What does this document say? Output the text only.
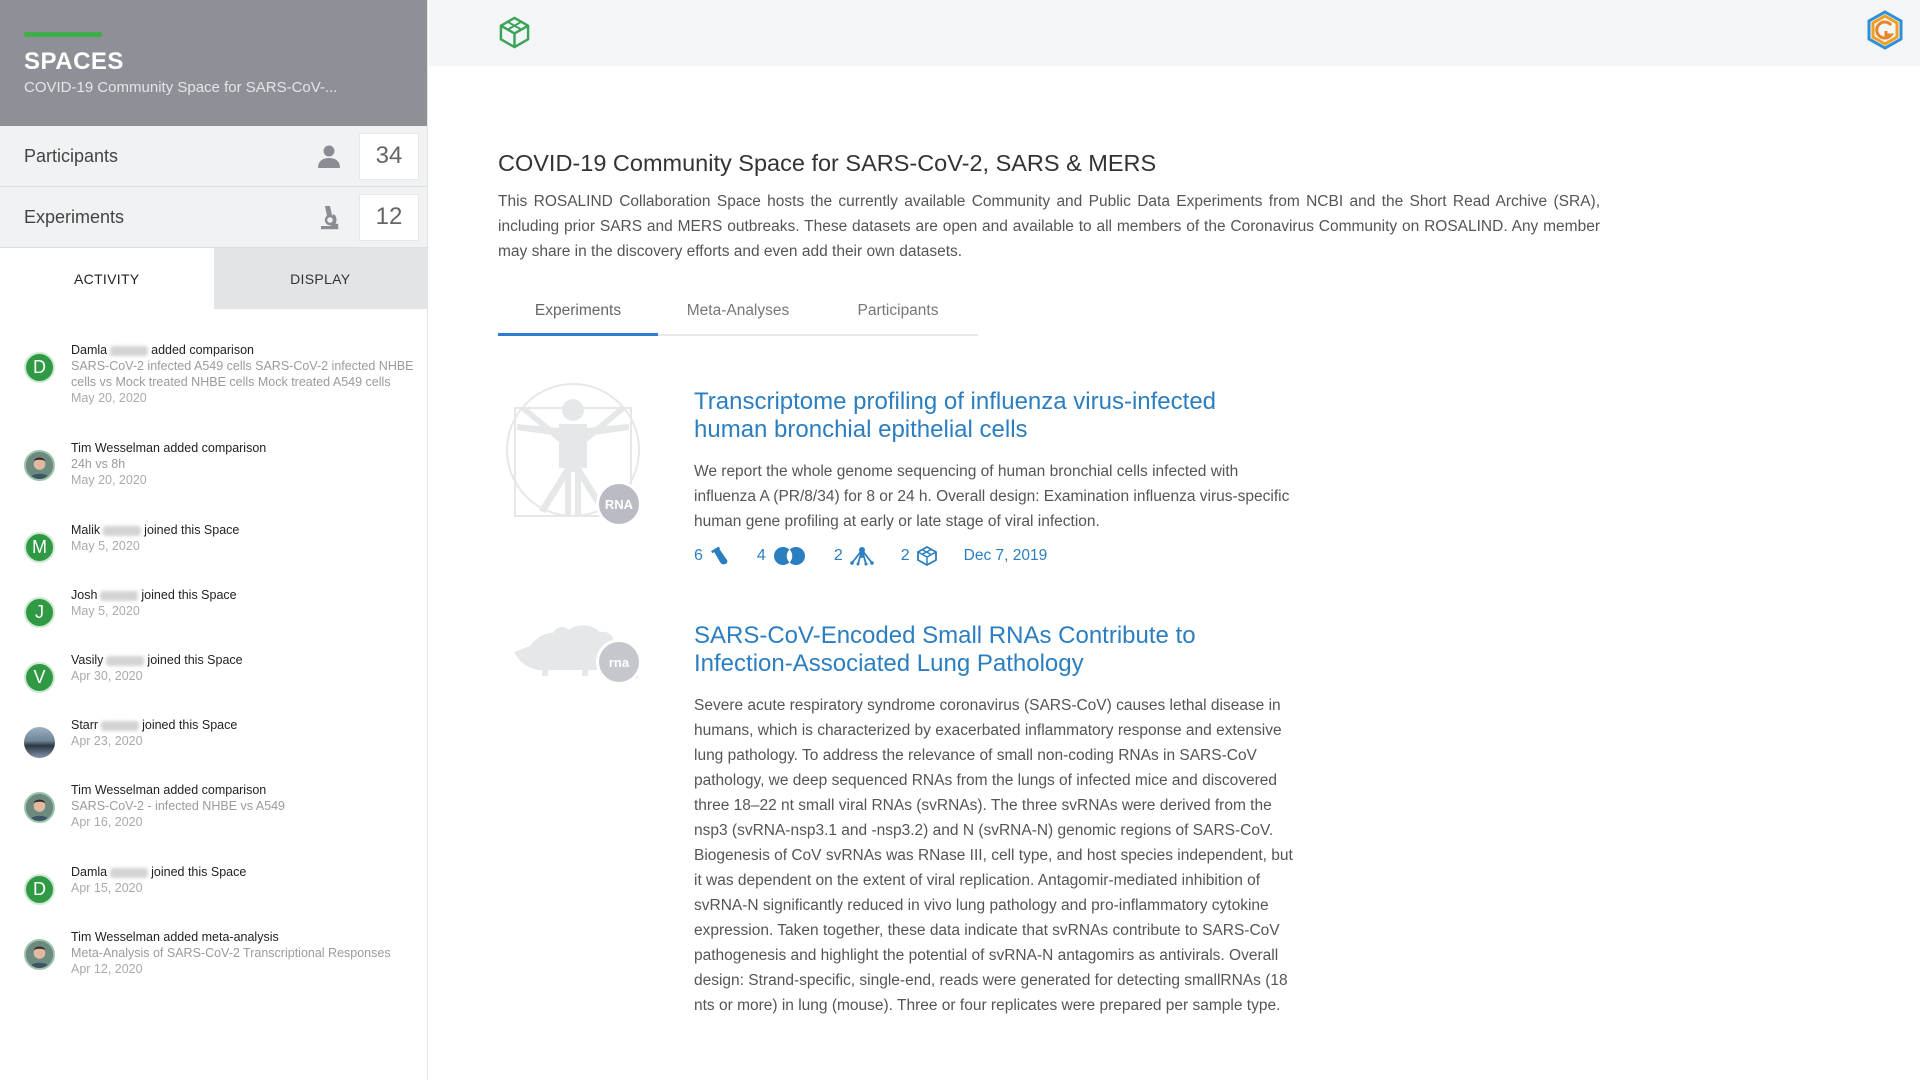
SPACES
COVID-19 Community Space for SARS-CoV-...
Participants	34
Experiments	12
ACTIVITY	DISPLAY
D
Damla	added comparison
SARS-CoV-2 infected A549 cells SARS-CoV-2 infected NHBE cells vs Mock treated NHBE cells Mock treated A549 cells
May 20, 2020
Tim Wesselman added comparison
24h vs 8h
May 20, 2020
M
Malik	joined this Space
May 5, 2020
J
Josh	joined this Space
May 5, 2020
V
Vasily	joined this Space
Apr 30, 2020
Starr	joined this Space
Apr 23, 2020
Tim Wesselman added comparison
SARS-CoV-2 - infected NHBE vs A549
Apr 16, 2020
D
Damla	joined this Space
Apr 15, 2020
Tim Wesselman added meta-analysis
Meta-Analysis of SARS-CoV-2 Transcriptional Responses
Apr 12, 2020
COVID-19 Community Space for SARS-CoV-2, SARS & MERS

This ROSALIND Collaboration Space hosts the currently available Community and Public Data Experiments from NCBI and the Short Read Archive (SRA), including prior SARS and MERS outbreaks. These datasets are open and available to all members of the Coronavirus Community on ROSALIND. Any member may share in the discovery efforts and even add their own datasets.

Experiments	Meta-Analyses	Participants
RNA
Transcriptome profiling of influenza virus-infected human bronchial epithelial cells

We report the whole genome sequencing of human bronchial cells infected with influenza A (PR/8/34) for 8 or 24 h. Overall design: Examination influenza virus-specific human gene profiling at early or late stage of viral infection.

6	4	2	2	Dec 7, 2019
rna
SARS-CoV-Encoded Small RNAs Contribute to Infection-Associated Lung Pathology

Severe acute respiratory syndrome coronavirus (SARS-CoV) causes lethal disease in humans, which is characterized by exacerbated inflammatory response and extensive lung pathology. To address the relevance of small non-coding RNAs in SARS-CoV pathology, we deep sequenced RNAs from the lungs of infected mice and discovered three 18–22 nt small viral RNAs (svRNAs). The three svRNAs were derived from the nsp3 (svRNA-nsp3.1 and -nsp3.2) and N (svRNA-N) genomic regions of SARS-CoV. Biogenesis of CoV svRNAs was RNase III, cell type, and host species independent, but it was dependent on the extent of viral replication. Antagomir-mediated inhibition of svRNA-N significantly reduced in vivo lung pathology and pro-inflammatory cytokine expression. Taken together, these data indicate that svRNAs contribute to SARS-CoV pathogenesis and highlight the potential of svRNA-N antagomirs as antivirals. Overall design: Strand-specific, single-end, reads were generated for detecting smallRNAs (18 nts or more) in lung (mouse). Three or four replicates were prepared per sample type.
